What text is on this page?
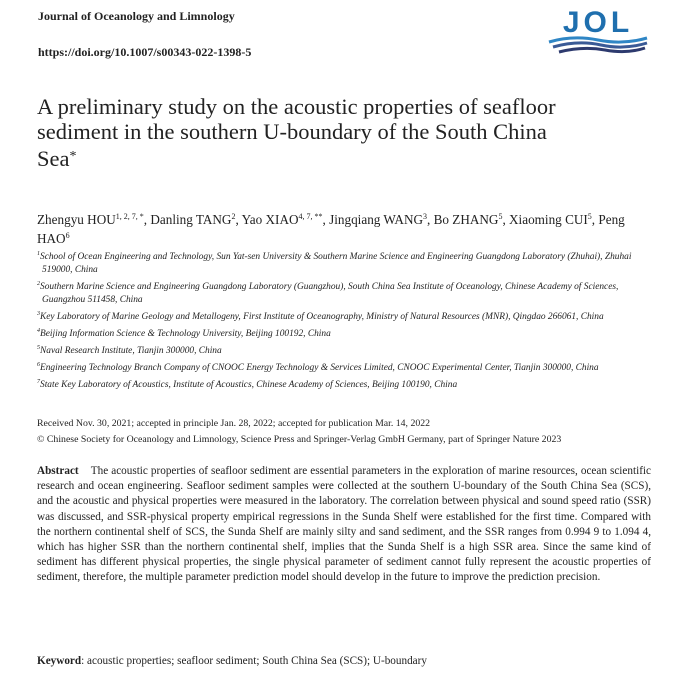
Journal of Oceanology and Limnology
https://doi.org/10.1007/s00343-022-1398-5
JOL
A preliminary study on the acoustic properties of seafloor sediment in the southern U-boundary of the South China Sea*
Zhengyu $HOU^{1, 2, 7, *}$, Danling TANG$^2$, Yao $XIAO^{4, 7, **}$, Jingqiang WANG$^3$, Bo ZHANG$^5$, Xiaoming CUI$^5$, Peng HAO$^6$
$^1$School of Ocean Engineering and Technology, Sun Yat-sen University & Southern Marine Science and Engineering Guangdong Laboratory (Zhuhai), Zhuhai 519000, China
$^2$Southern Marine Science and Engineering Guangdong Laboratory (Guangzhou), South China Sea Institute of Oceanology, Chinese Academy of Sciences, Guangzhou 511458, China
$^3$Key Laboratory of Marine Geology and Metallogeny, First Institute of Oceanography, Ministry of Natural Resources (MNR), Qingdao 266061, China
$^4$Beijing Information Science & Technology University, Beijing 100192, China
$^5$Naval Research Institute, Tianjin 300000, China
$^6$Engineering Technology Branch Company of CNOOC Energy Technology & Services Limited, CNOOC Experimental Center, Tianjin 300000, China
$^7$State Key Laboratory of Acoustics, Institute of Acoustics, Chinese Academy of Sciences, Beijing 100190, China
Received Nov. 30, 2021; accepted in principle Jan. 28, 2022; accepted for publication Mar. 14, 2022
© Chinese Society for Oceanology and Limnology, Science Press and Springer-Verlag GmbH Germany, part of Springer Nature 2023
Abstract The acoustic properties of seafloor sediment are essential parameters in the exploration of marine resources, ocean scientific research and ocean engineering. Seafloor sediment samples were collected at the southern U-boundary of the South China Sea (SCS), and the acoustic and physical properties were measured in the laboratory. The correlation between physical and sound speed ratio (SSR) was discussed, and SSR-physical property empirical regressions in the Sunda Shelf were established for the first time. Compared with the northern continental shelf of SCS, the Sunda Shelf are mainly silty and sand sediment, and the SSR ranges from 0.994 9 to 1.094 4, which has higher SSR than the northern continental shelf, implies that the Sunda Shelf is a high SSR area. Since the same kind of sediment has different physical properties, the single physical parameter of sediment cannot fully represent the acoustic properties of sediment, therefore, the multiple parameter prediction model should develop in the future to improve the prediction precision.
Keyword: acoustic properties; seafloor sediment; South China Sea (SCS); U-boundary
